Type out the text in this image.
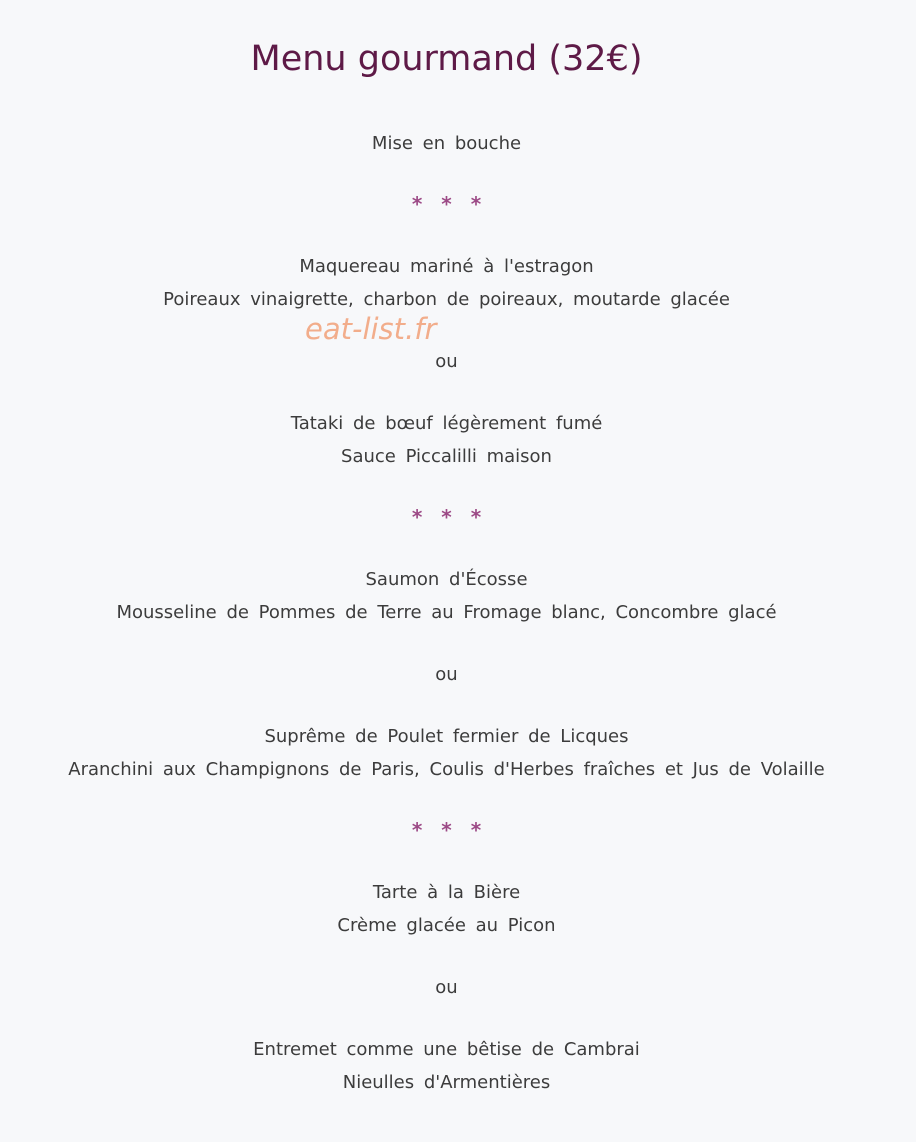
Menu gourmand (32€)
Mise en bouche
* * *
Maquereau mariné à l'estragon
Poireaux vinaigrette, charbon de poireaux, moutarde glacée
eat-list.fr
ou
Tataki de bœuf légèrement fumé
Sauce Piccalilli maison
* * *
Saumon d'Écosse
Mousseline de Pommes de Terre au Fromage blanc, Concombre glacé
ou
Suprême de Poulet fermier de Licques
Aranchini aux Champignons de Paris, Coulis d'Herbes fraîches et Jus de Volaille
* * *
Tarte à la Bière
Crème glacée au Picon
ou
Entremet comme une bêtise de Cambrai
Nieulles d'Armentières
